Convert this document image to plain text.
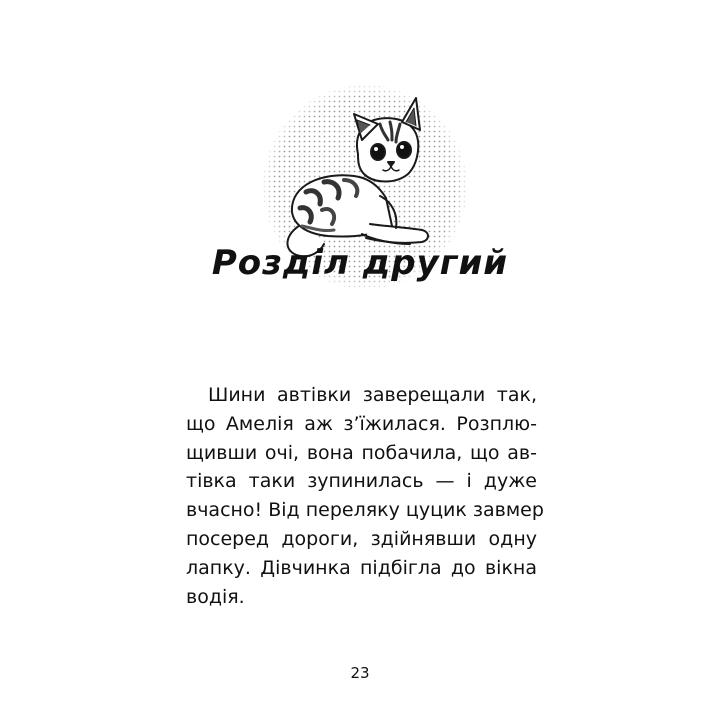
Розділ другий
Шини автівки заверещали так,
що Амелія аж з’їжилася. Розплю-
щивши очі, вона побачила, що ав-
тівка таки зупинилась — і дуже
вчасно! Від переляку цуцик завмер
посеред дороги, здійнявши одну
лапку. Дівчинка підбігла до вікна
водія.
23
